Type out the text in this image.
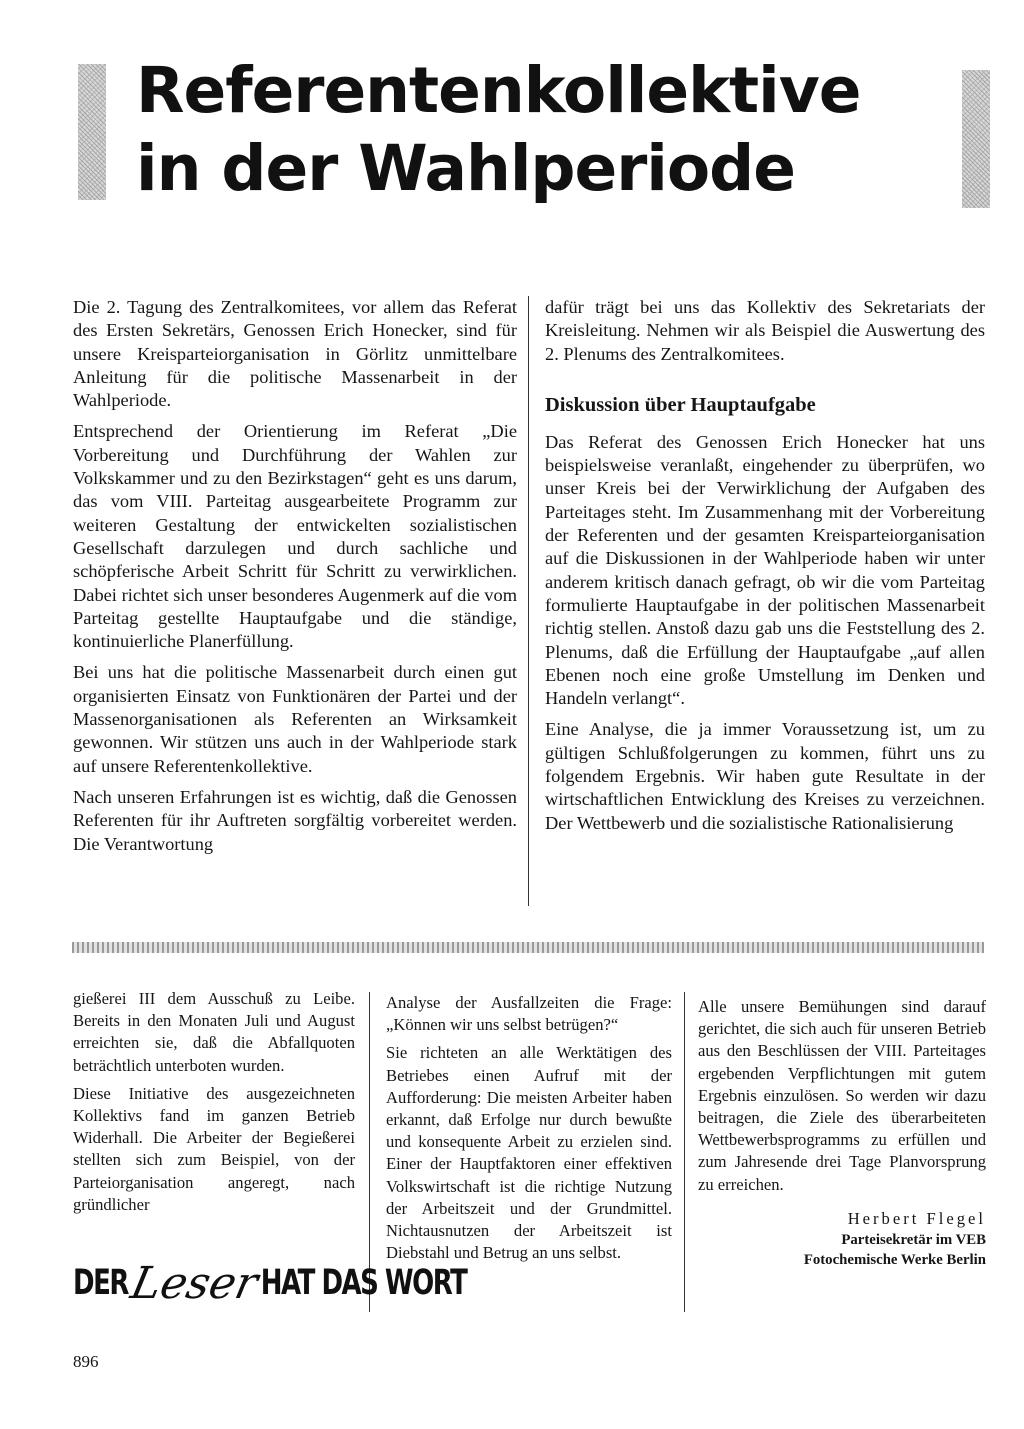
Referentenkollektive
in der Wahlperiode

Die 2. Tagung des Zentralkomitees, vor allem das Referat des Ersten Sekretärs, Genossen Erich Honecker, sind für unsere Kreisparteiorganisation in Görlitz unmittelbare Anleitung für die politische Massenarbeit in der Wahlperiode.

Entsprechend der Orientierung im Referat „Die Vorbereitung und Durchführung der Wahlen zur Volkskammer und zu den Bezirkstagen“ geht es uns darum, das vom VIII. Parteitag ausgearbeitete Programm zur weiteren Gestaltung der entwickelten sozialistischen Gesellschaft darzulegen und durch sachliche und schöpferische Arbeit Schritt für Schritt zu verwirklichen. Dabei richtet sich unser besonderes Augenmerk auf die vom Parteitag gestellte Hauptaufgabe und die ständige, kontinuierliche Planerfüllung.

Bei uns hat die politische Massenarbeit durch einen gut organisierten Einsatz von Funktionären der Partei und der Massenorganisationen als Referenten an Wirksamkeit gewonnen. Wir stützen uns auch in der Wahlperiode stark auf unsere Referentenkollektive.

Nach unseren Erfahrungen ist es wichtig, daß die Genossen Referenten für ihr Auftreten sorgfältig vorbereitet werden. Die Verantwortung

dafür trägt bei uns das Kollektiv des Sekretariats der Kreisleitung. Nehmen wir als Beispiel die Auswertung des 2. Plenums des Zentralkomitees.

Diskussion über Hauptaufgabe

Das Referat des Genossen Erich Honecker hat uns beispielsweise veranlaßt, eingehender zu überprüfen, wo unser Kreis bei der Verwirklichung der Aufgaben des Parteitages steht. Im Zusammenhang mit der Vorbereitung der Referenten und der gesamten Kreisparteiorganisation auf die Diskussionen in der Wahlperiode haben wir unter anderem kritisch danach gefragt, ob wir die vom Parteitag formulierte Hauptaufgabe in der politischen Massenarbeit richtig stellen. Anstoß dazu gab uns die Feststellung des 2. Plenums, daß die Erfüllung der Hauptaufgabe „auf allen Ebenen noch eine große Umstellung im Denken und Handeln verlangt“.

Eine Analyse, die ja immer Voraussetzung ist, um zu gültigen Schlußfolgerungen zu kommen, führt uns zu folgendem Ergebnis. Wir haben gute Resultate in der wirtschaftlichen Entwicklung des Kreises zu verzeichnen. Der Wettbewerb und die sozialistische Rationalisierung

gießerei III dem Ausschuß zu Leibe. Bereits in den Monaten Juli und August erreichten sie, daß die Abfallquoten beträchtlich unterboten wurden.

Diese Initiative des ausgezeichneten Kollektivs fand im ganzen Betrieb Widerhall. Die Arbeiter der Begießerei stellten sich zum Beispiel, von der Parteiorganisation angeregt, nach gründlicher

Analyse der Ausfallzeiten die Frage: „Können wir uns selbst betrügen?“

Sie richteten an alle Werktätigen des Betriebes einen Aufruf mit der Aufforderung: Die meisten Arbeiter haben erkannt, daß Erfolge nur durch bewußte und konsequente Arbeit zu erzielen sind. Einer der Hauptfaktoren einer effektiven Volkswirtschaft ist die richtige Nutzung der Arbeitszeit und der Grundmittel. Nichtausnutzen der Arbeitszeit ist Diebstahl und Betrug an uns selbst.

Alle unsere Bemühungen sind darauf gerichtet, die sich auch für unseren Betrieb aus den Beschlüssen der VIII. Parteitages ergebenden Verpflichtungen mit gutem Ergebnis einzulösen. So werden wir dazu beitragen, die Ziele des überarbeiteten Wettbewerbsprogramms zu erfüllen und zum Jahresende drei Tage Planvorsprung zu erreichen.

Herbert Flegel
Parteisekretär im VEB
Fotochemische Werke Berlin
DER
Leser
HAT DAS WORT
896
